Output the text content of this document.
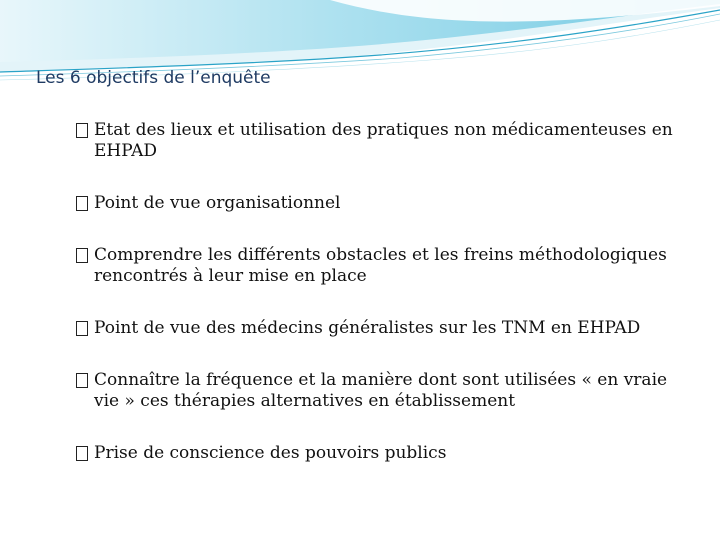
Les 6 objectifs de l’enquête
Etat des lieux et utilisation des pratiques non médicamenteuses en EHPAD
Point de vue organisationnel
Comprendre les différents obstacles et les freins méthodologiques rencontrés à leur mise en place
Point de vue des médecins généralistes sur les TNM en EHPAD
Connaître la fréquence et la manière dont sont utilisées « en vraie vie » ces thérapies alternatives en établissement
Prise de conscience des pouvoirs publics
